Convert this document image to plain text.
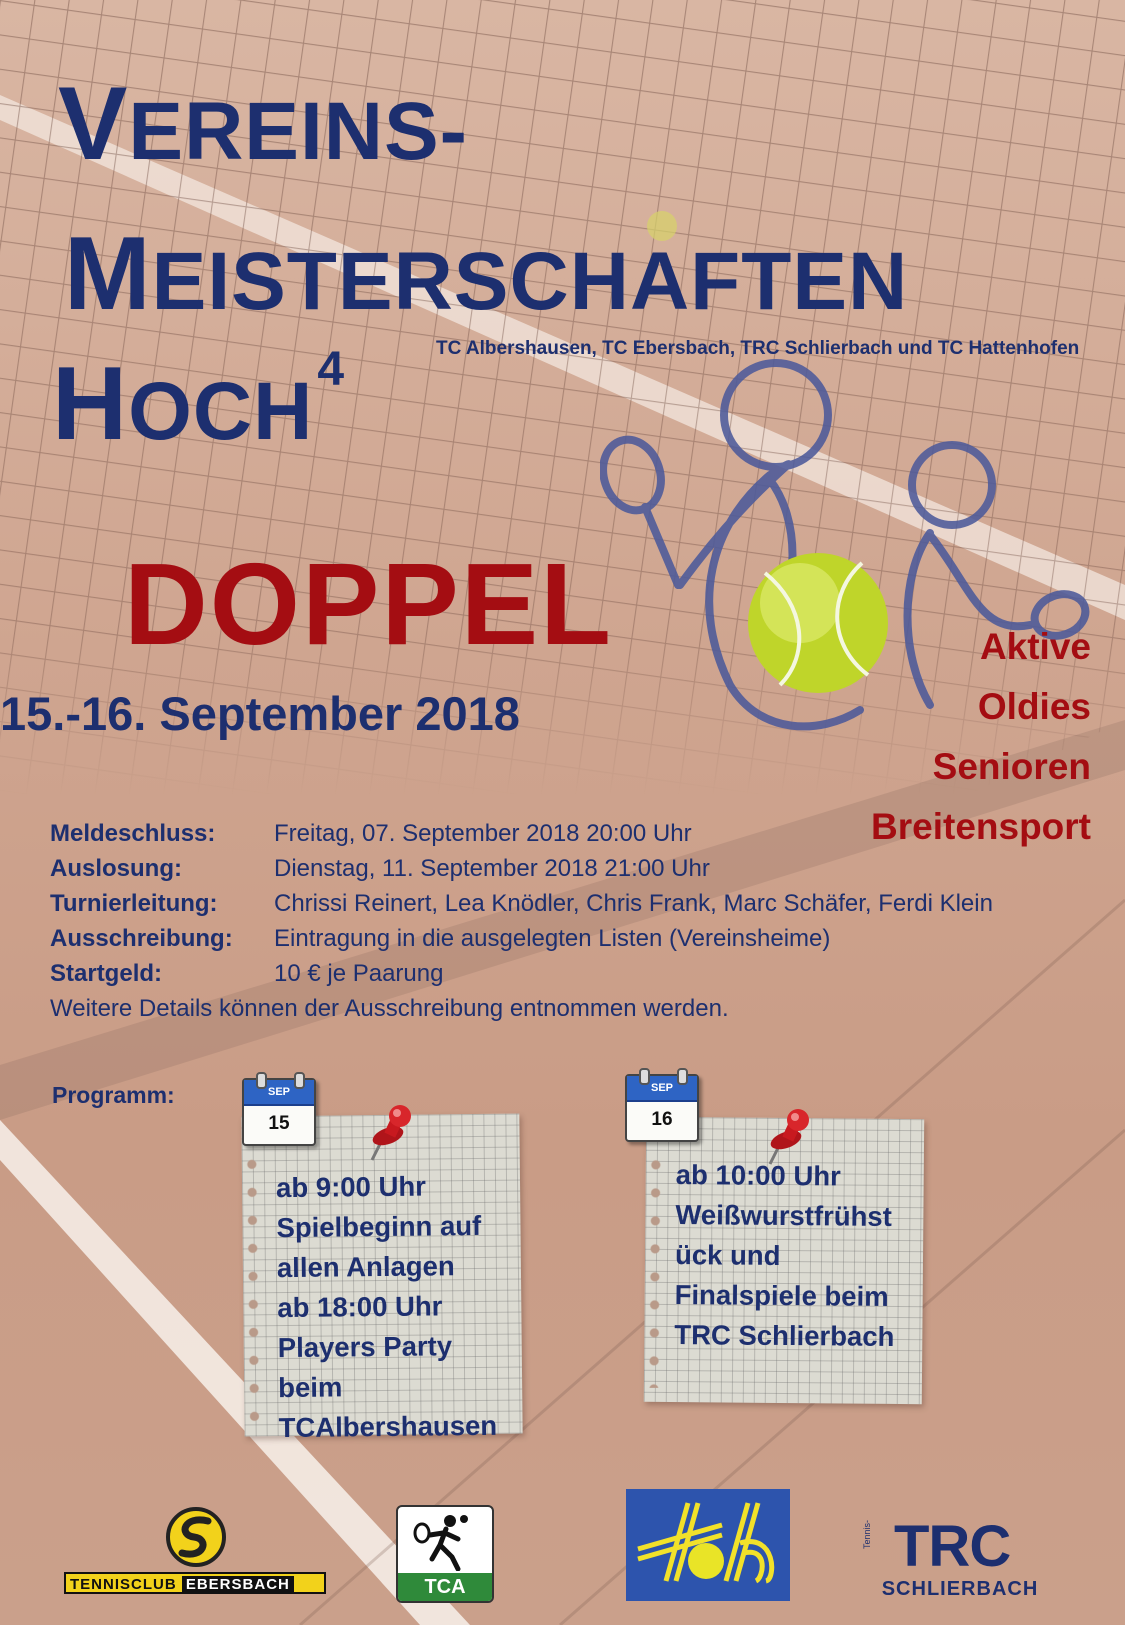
VEREINS-
MEISTERSCHAFTEN
HOCH4	TC Albershausen, TC Ebersbach, TRC Schlierbach und TC Hattenhofen
DOPPEL
15.-16. September 2018
Aktive
Oldies
Senioren
Breitensport
Meldeschluss:	Freitag, 07. September 2018 20:00 Uhr
Auslosung:	Dienstag, 11. September 2018 21:00 Uhr
Turnierleitung:	Chrissi Reinert, Lea Knödler, Chris Frank, Marc Schäfer, Ferdi Klein
Ausschreibung:	Eintragung in die ausgelegten Listen (Vereinsheime)
Startgeld:	10 € je Paarung
Weitere Details können der Ausschreibung entnommen werden.
Programm:
ab 9:00 Uhr
Spielbeginn auf
allen Anlagen
ab 18:00 Uhr
Players Party
beim
TCAlbershausen
ab 10:00 Uhr
Weißwurstfrühst
ück und
Finalspiele beim
TRC Schlierbach
SEP
15
SEP
16
TENNISCLUB EBERSBACH	TCA
Tennis- TRC
SCHLIERBACH
